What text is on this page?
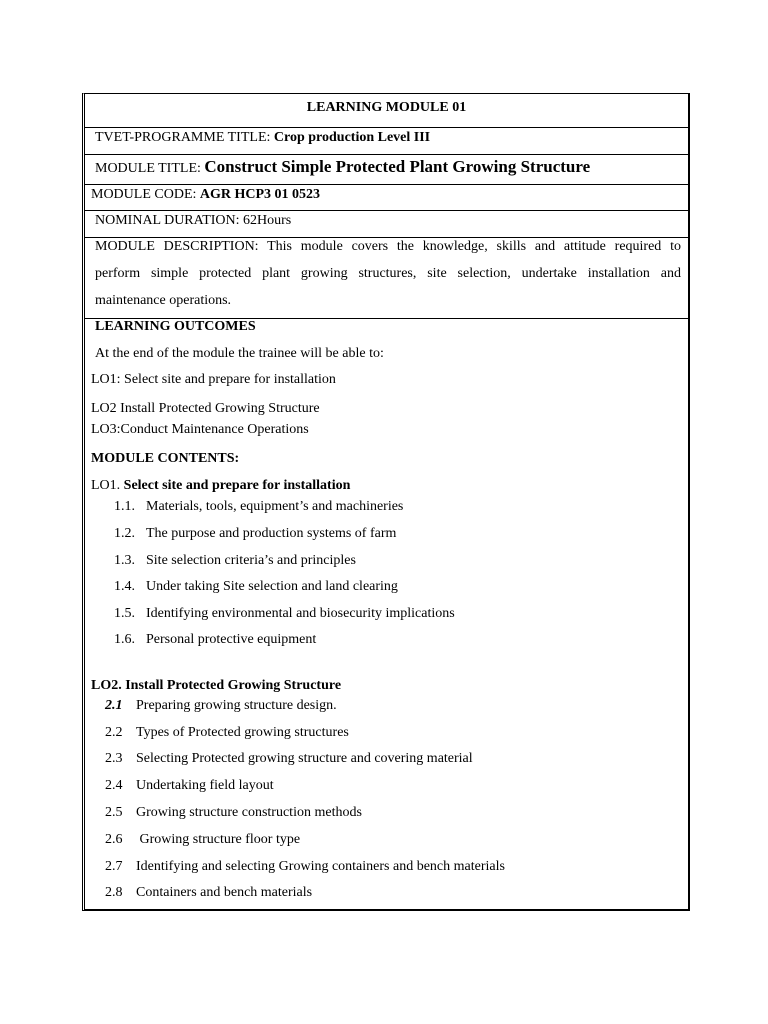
LEARNING MODULE 01
TVET-PROGRAMME TITLE: Crop production Level III
MODULE TITLE: Construct Simple Protected Plant Growing Structure
MODULE CODE: AGR HCP3 01 0523
NOMINAL DURATION: 62Hours
MODULE DESCRIPTION: This module covers the knowledge, skills and attitude required to
perform simple protected plant growing structures, site selection, undertake installation and
maintenance operations.
LEARNING OUTCOMES
At the end of the module the trainee will be able to:
LO1: Select site and prepare for installation
LO2 Install Protected Growing Structure
LO3:Conduct Maintenance Operations
MODULE CONTENTS:
LO1. Select site and prepare for installation
1.1. Materials, tools, equipment’s and machineries
1.2. The purpose and production systems of farm
1.3. Site selection criteria’s and principles
1.4. Under taking Site selection and land clearing
1.5. Identifying environmental and biosecurity implications
1.6. Personal protective equipment
LO2. Install Protected Growing Structure
2.1 Preparing growing structure design.
2.2 Types of Protected growing structures
2.3 Selecting Protected growing structure and covering material
2.4 Undertaking field layout
2.5 Growing structure construction methods
2.6 Growing structure floor type
2.7 Identifying and selecting Growing containers and bench materials
2.8 Containers and bench materials
